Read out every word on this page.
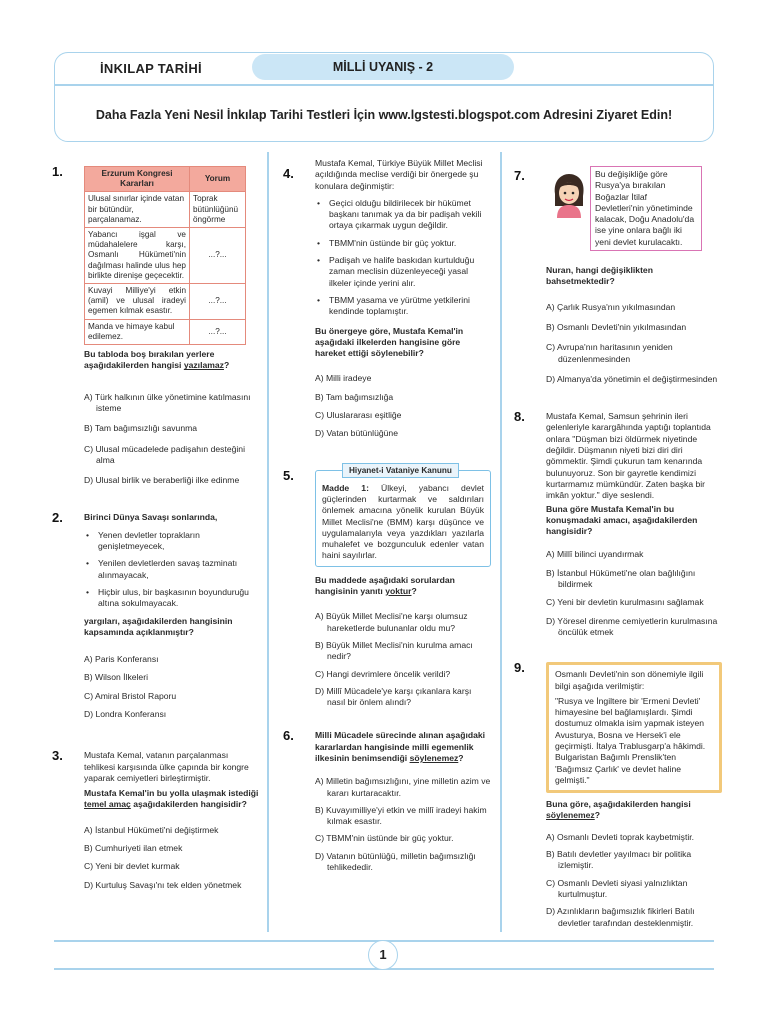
İNKILAP TARİHİ	MİLLİ UYANIŞ - 2
Daha Fazla Yeni Nesil İnkılap Tarihi Testleri İçin www.lgstesti.blogspot.com Adresini Ziyaret Edin!
1.	Erzurum Kongresi Kararları	Yorum
Ulusal sınırlar içinde vatan bir bütündür, parçalanamaz.	Toprak bütünlüğünü öngörme
Yabancı işgal ve müdahalelere karşı, Osmanlı Hükümeti'nin dağılması halinde ulus hep birlikte direnişe geçecektir.	...?...
Kuvayi Milliye'yi etkin (amil) ve ulusal iradeyi egemen kılmak esastır.	...?...
Manda ve himaye kabul edilemez.	...?...
Bu tabloda boş bırakılan yerlere aşağıdakilerden hangisi yazılamaz?
A) Türk halkının ülke yönetimine katılmasını isteme
B) Tam bağımsızlığı savunma
C) Ulusal mücadelede padişahın desteğini alma
D) Ulusal birlik ve beraberliği ilke edinme
2. Birinci Dünya Savaşı sonlarında,
• Yenen devletler toprakların genişletmeyecek,
• Yenilen devletlerden savaş tazminatı alınmayacak,
• Hiçbir ulus, bir başkasının boyunduruğu altına sokulmayacak.
yargıları, aşağıdakilerden hangisinin kapsamında açıklanmıştır?
A) Paris Konferansı
B) Wilson İlkeleri
C) Amiral Bristol Raporu
D) Londra Konferansı
3. Mustafa Kemal, vatanın parçalanması tehlikesi karşısında ülke çapında bir kongre yaparak cemiyetleri birleştirmiştir.
Mustafa Kemal'in bu yolla ulaşmak istediği temel amaç aşağıdakilerden hangisidir?
A) İstanbul Hükümeti'ni değiştirmek
B) Cumhuriyeti ilan etmek
C) Yeni bir devlet kurmak
D) Kurtuluş Savaşı'nı tek elden yönetmek
4.
Mustafa Kemal, Türkiye Büyük Millet Meclisi açıldığında meclise verdiği bir önergede şu konulara değinmiştir:
• Geçici olduğu bildirilecek bir hükümet başkanı tanımak ya da bir padişah vekili ortaya çıkarmak uygun değildir.
• TBMM'nin üstünde bir güç yoktur.
• Padişah ve halife baskıdan kurtulduğu zaman meclisin düzenleyeceği yasal ilkeler içinde yerini alır.
• TBMM yasama ve yürütme yetkilerini kendinde toplamıştır.
Bu önergeye göre, Mustafa Kemal'in aşağıdaki ilkelerden hangisine göre hareket ettiği söylenebilir?
A) Milli iradeye
B) Tam bağımsızlığa
C) Uluslararası eşitliğe
D) Vatan bütünlüğüne
5.	Hiyanet-i Vataniye Kanunu
Madde 1: Ülkeyi, yabancı devlet güçlerinden kurtarmak ve saldırıları önlemek amacına yönelik kurulan Büyük Millet Meclisi'ne (BMM) karşı düşünce ve uygulamalarıyla veya yazdıkları yazılarla muhalefet ve bozgunculuk edenler vatan haini sayılırlar.
Bu maddede aşağıdaki sorulardan hangisinin yanıtı yoktur?
A) Büyük Millet Meclisi'ne karşı olumsuz hareketlerde bulunanlar oldu mu?
B) Büyük Millet Meclisi'nin kurulma amacı nedir?
C) Hangi devrimlere öncelik verildi?
D) Millî Mücadele'ye karşı çıkanlara karşı nasıl bir önlem alındı?
6. Milli Mücadele sürecinde alınan aşağıdaki kararlardan hangisinde milli egemenlik ilkesinin benimsendiği söylenemez?
A) Milletin bağımsızlığını, yine milletin azim ve kararı kurtaracaktır.
B) Kuvayımilliye'yi etkin ve millî iradeyi hakim kılmak esastır.
C) TBMM'nin üstünde bir güç yoktur.
D) Vatanın bütünlüğü, milletin bağımsızlığı tehlikededir.
7.	Bu değişikliğe göre Rusya'ya bırakılan Boğazlar İtilaf Devletleri'nin yönetiminde kalacak, Doğu Anadolu'da ise yine onlara bağlı iki yeni devlet kurulacaktı.
Nuran, hangi değişiklikten bahsetmektedir?
A) Çarlık Rusya'nın yıkılmasından
B) Osmanlı Devleti'nin yıkılmasından
C) Avrupa'nın haritasının yeniden düzenlenmesinden
D) Almanya'da yönetimin el değiştirmesinden
8. Mustafa Kemal, Samsun şehrinin ileri gelenleriyle karargâhında yaptığı toplantıda onlara "Düşman bizi öldürmek niyetinde değildir. Düşmanın niyeti bizi diri diri gömmektir. Şimdi çukurun tam kenarında bulunuyoruz. Son bir gayretle kendimizi kurtarmamız mümkündür. Zaten başka bir imkân yoktur." diye seslendi.
Buna göre Mustafa Kemal'in bu konuşmadaki amacı, aşağıdakilerden hangisidir?
A) Millî bilinci uyandırmak
B) İstanbul Hükümeti'ne olan bağlılığını bildirmek
C) Yeni bir devletin kurulmasını sağlamak
D) Yöresel direnme cemiyetlerin kurulmasına öncülük etmek
9.	Osmanlı Devleti'nin son dönemiyle ilgili bilgi aşağıda verilmiştir:
"Rusya ve İngiltere bir 'Ermeni Devleti' himayesine bel bağlamışlardı. Şimdi dostumuz olmakla isim yapmak isteyen Avusturya, Bosna ve Hersek'i ele geçirmişti. İtalya Trablusgarp'a hâkimdi. Bulgaristan Bağımlı Prenslik'ten 'Bağımsız Çarlık' ve devlet haline gelmişti."
Buna göre, aşağıdakilerden hangisi söylenemez?
A) Osmanlı Devleti toprak kaybetmiştir.
B) Batılı devletler yayılmacı bir politika izlemiştir.
C) Osmanlı Devleti siyasi yalnızlıktan kurtulmuştur.
D) Azınlıkların bağımsızlık fikirleri Batılı devletler tarafından desteklenmiştir.
1
